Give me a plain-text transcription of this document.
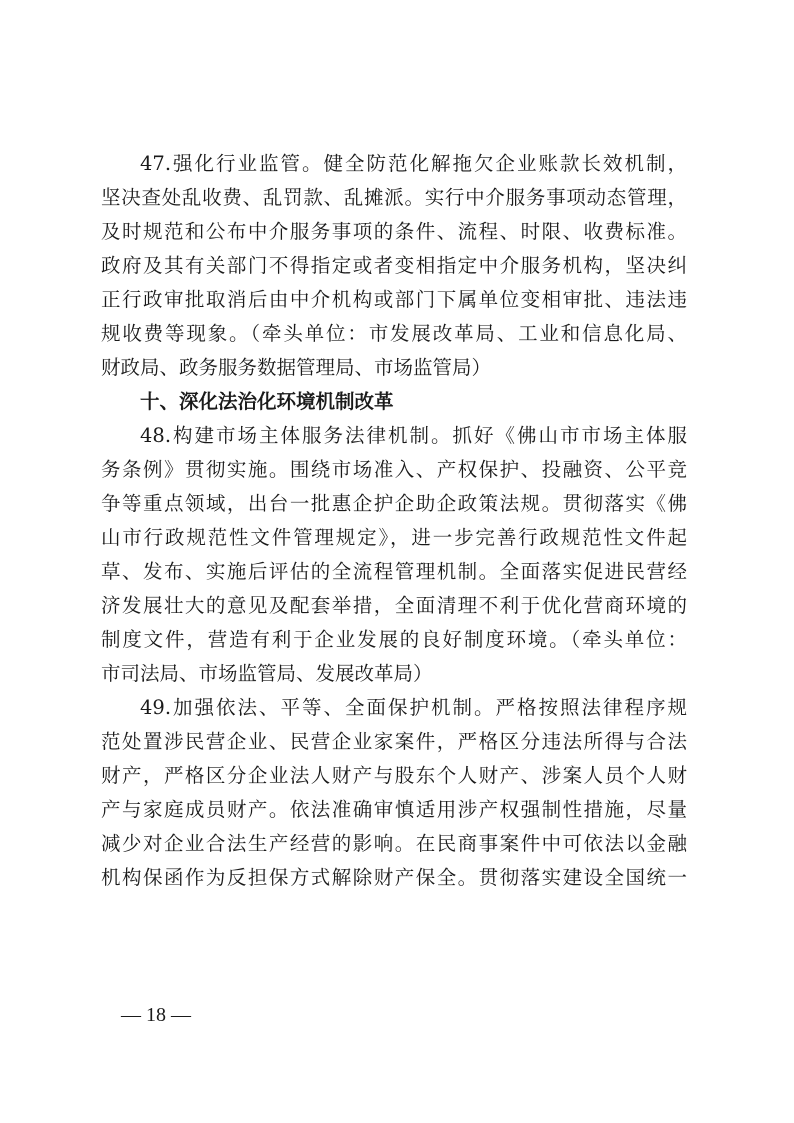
47.强化行业监管。健全防范化解拖欠企业账款长效机制，
坚决查处乱收费、乱罚款、乱摊派。实行中介服务事项动态管理，
及时规范和公布中介服务事项的条件、流程、时限、收费标准。
政府及其有关部门不得指定或者变相指定中介服务机构，坚决纠
正行政审批取消后由中介机构或部门下属单位变相审批、违法违
规收费等现象。（牵头单位：市发展改革局、工业和信息化局、
财政局、政务服务数据管理局、市场监管局）
十、深化法治化环境机制改革
48.构建市场主体服务法律机制。抓好《佛山市市场主体服
务条例》贯彻实施。围绕市场准入、产权保护、投融资、公平竞
争等重点领域，出台一批惠企护企助企政策法规。贯彻落实《佛
山市行政规范性文件管理规定》，进一步完善行政规范性文件起
草、发布、实施后评估的全流程管理机制。全面落实促进民营经
济发展壮大的意见及配套举措，全面清理不利于优化营商环境的
制度文件，营造有利于企业发展的良好制度环境。（牵头单位：
市司法局、市场监管局、发展改革局）
49.加强依法、平等、全面保护机制。严格按照法律程序规
范处置涉民营企业、民营企业家案件，严格区分违法所得与合法
财产，严格区分企业法人财产与股东个人财产、涉案人员个人财
产与家庭成员财产。依法准确审慎适用涉产权强制性措施，尽量
减少对企业合法生产经营的影响。在民商事案件中可依法以金融
机构保函作为反担保方式解除财产保全。贯彻落实建设全国统一
— 18 —
